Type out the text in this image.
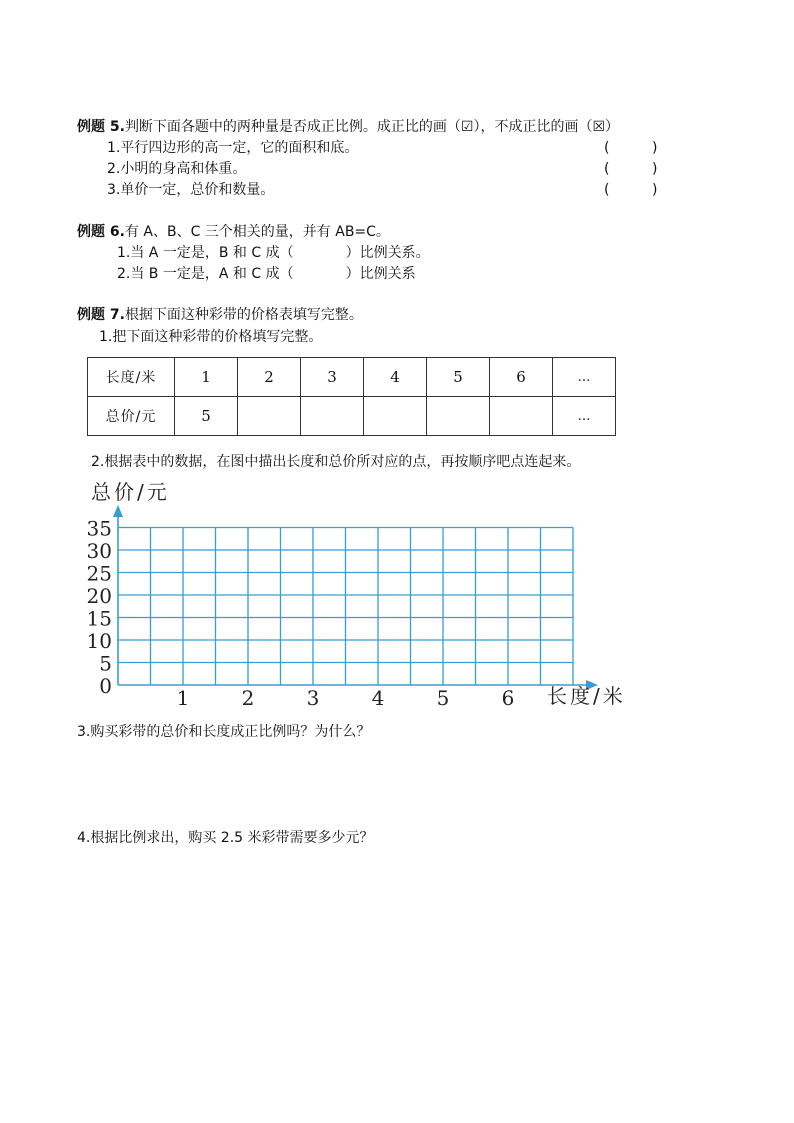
例题 5.判断下面各题中的两种量是否成正比例。成正比的画（☑），不成正比的画（☒）
1.平行四边形的高一定，它的面积和底。
2.小明的身高和体重。
3.单价一定，总价和数量。
(	)
(	)
(	)
例题 6.有 A、B、C 三个相关的量，并有 AB=C。
1.当 A 一定是，B 和 C 成（	）比例关系。
2.当 B 一定是，A 和 C 成（	）比例关系
例题 7.根据下面这种彩带的价格表填写完整。
1.把下面这种彩带的价格填写完整。
长度/米	1	2	3	4	5	6	…
总价/元	5						…
2.根据表中的数据，在图中描出长度和总价所对应的点，再按顺序吧点连起来。
0
5
10
15
20
25
30
35
1	2	3	4	5	6
总价/元
长度/米
3.购买彩带的总价和长度成正比例吗？为什么？
4.根据比例求出，购买 2.5 米彩带需要多少元？
